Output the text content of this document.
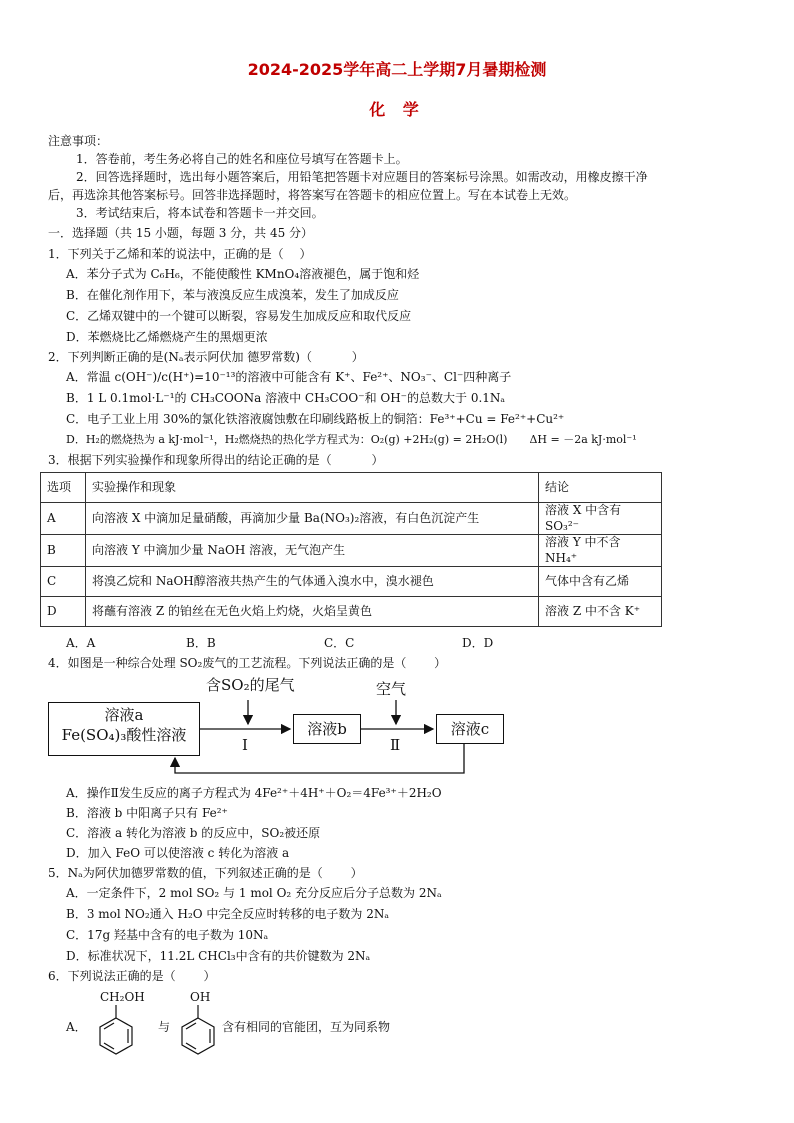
2024-2025学年高二上学期7月暑期检测
化 学
注意事项：
1．答卷前，考生务必将自己的姓名和座位号填写在答题卡上。
2．回答选择题时，选出每小题答案后，用铅笔把答题卡对应题目的答案标号涂黑。如需改动，用橡皮擦干净
后，再选涂其他答案标号。回答非选择题时，将答案写在答题卡的相应位置上。写在本试卷上无效。
3．考试结束后，将本试卷和答题卡一并交回。
一．选择题（共 15 小题，每题 3 分，共 45 分）
1．下列关于乙烯和苯的说法中，正确的是（　 ）
A．苯分子式为 C₆H₆，不能使酸性 KMnO₄溶液褪色，属于饱和烃
B．在催化剂作用下，苯与液溴反应生成溴苯，发生了加成反应
C．乙烯双键中的一个键可以断裂，容易发生加成反应和取代反应
D．苯燃烧比乙烯燃烧产生的黑烟更浓
2．下列判断正确的是(Nₐ表示阿伏加 德罗常数)（　　　 ）
A．常温 c(OH⁻)/c(H⁺)=10⁻¹³的溶液中可能含有 K⁺、Fe²⁺、NO₃⁻、Cl⁻四种离子
B．1 L 0.1mol·L⁻¹的 CH₃COONa 溶液中 CH₃COO⁻和 OH⁻的总数大于 0.1Nₐ
C．电子工业上用 30%的氯化铁溶液腐蚀敷在印刷线路板上的铜箔：Fe³⁺+Cu = Fe²⁺+Cu²⁺
D．H₂的燃烧热为 a kJ·mol⁻¹，H₂燃烧热的热化学方程式为：O₂(g) +2H₂(g) = 2H₂O(l)　　ΔH = －2a kJ·mol⁻¹
3．根据下列实验操作和现象所得出的结论正确的是（　　　 ）
选项	实验操作和现象	结论
A	向溶液 X 中滴加足量硝酸，再滴加少量 Ba(NO₃)₂溶液，有白色沉淀产生	溶液 X 中含有 SO₃²⁻
B	向溶液 Y 中滴加少量 NaOH 溶液，无气泡产生	溶液 Y 中不含 NH₄⁺
C	将溴乙烷和 NaOH醇溶液共热产生的气体通入溴水中，溴水褪色	气体中含有乙烯
D	将蘸有溶液 Z 的铂丝在无色火焰上灼烧，火焰呈黄色	溶液 Z 中不含 K⁺
A．A	B．B	C．C	D．D
4．如图是一种综合处理 SO₂废气的工艺流程。下列说法正确的是（　　 ）
溶液a
Fe(SO₄)₃酸性溶液	溶液b	溶液c
含SO₂的尾气	空气
Ⅰ	Ⅱ
A．操作Ⅱ发生反应的离子方程式为 4Fe²⁺＋4H⁺＋O₂＝4Fe³⁺＋2H₂O
B．溶液 b 中阳离子只有 Fe²⁺
C．溶液 a 转化为溶液 b 的反应中，SO₂被还原
D．加入 FeO 可以使溶液 c 转化为溶液 a
5．Nₐ为阿伏加德罗常数的值，下列叙述正确的是（　　 ）
A．一定条件下，2 mol SO₂ 与 1 mol O₂ 充分反应后分子总数为 2Nₐ
B．3 mol NO₂通入 H₂O 中完全反应时转移的电子数为 2Nₐ
C．17g 羟基中含有的电子数为 10Nₐ
D．标准状况下，11.2L CHCl₃中含有的共价键数为 2Nₐ
6．下列说法正确的是（　　 ）
A．
CH₂OH
与
OH
含有相同的官能团，互为同系物
